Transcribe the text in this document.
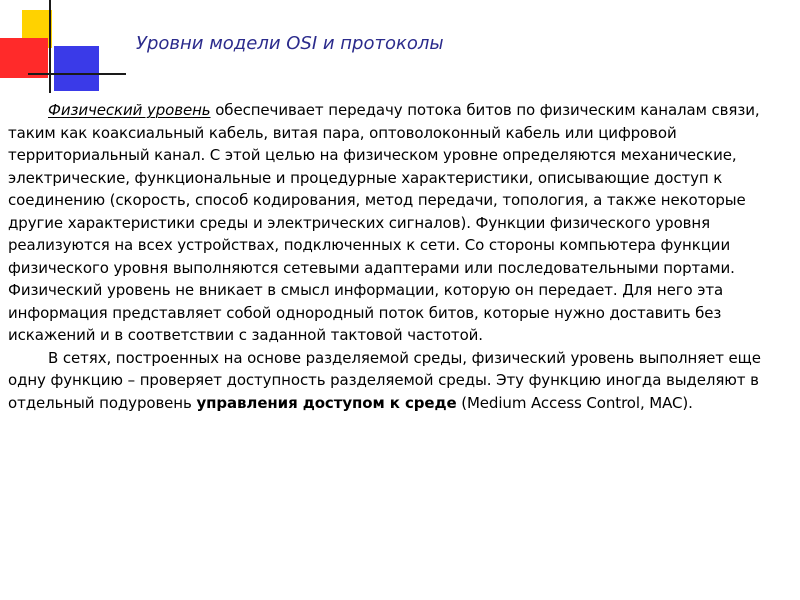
Уровни модели OSI и протоколы

Физический уровень обеспечивает передачу потока битов по физическим каналам связи, таким как коаксиальный кабель, витая пара, оптоволоконный кабель или цифровой территориальный канал. С этой целью на физическом уровне определяются механические, электрические, функциональные и процедурные характеристики, описывающие доступ к соединению (скорость, способ кодирования, метод передачи, топология, а также некоторые другие характеристики среды и электрических сигналов). Функции физического уровня реализуются на всех устройствах, подключенных к сети. Со стороны компьютера функции физического уровня выполняются сетевыми адаптерами или последовательными портами. Физический уровень не вникает в смысл информации, которую он передает. Для него эта информация представляет собой однородный поток битов, которые нужно доставить без искажений и в соответствии с заданной тактовой частотой.

В сетях, построенных на основе разделяемой среды, физический уровень выполняет еще одну функцию – проверяет доступность разделяемой среды. Эту функцию иногда выделяют в отдельный подуровень управления доступом к среде (Medium Access Control, MAC).
